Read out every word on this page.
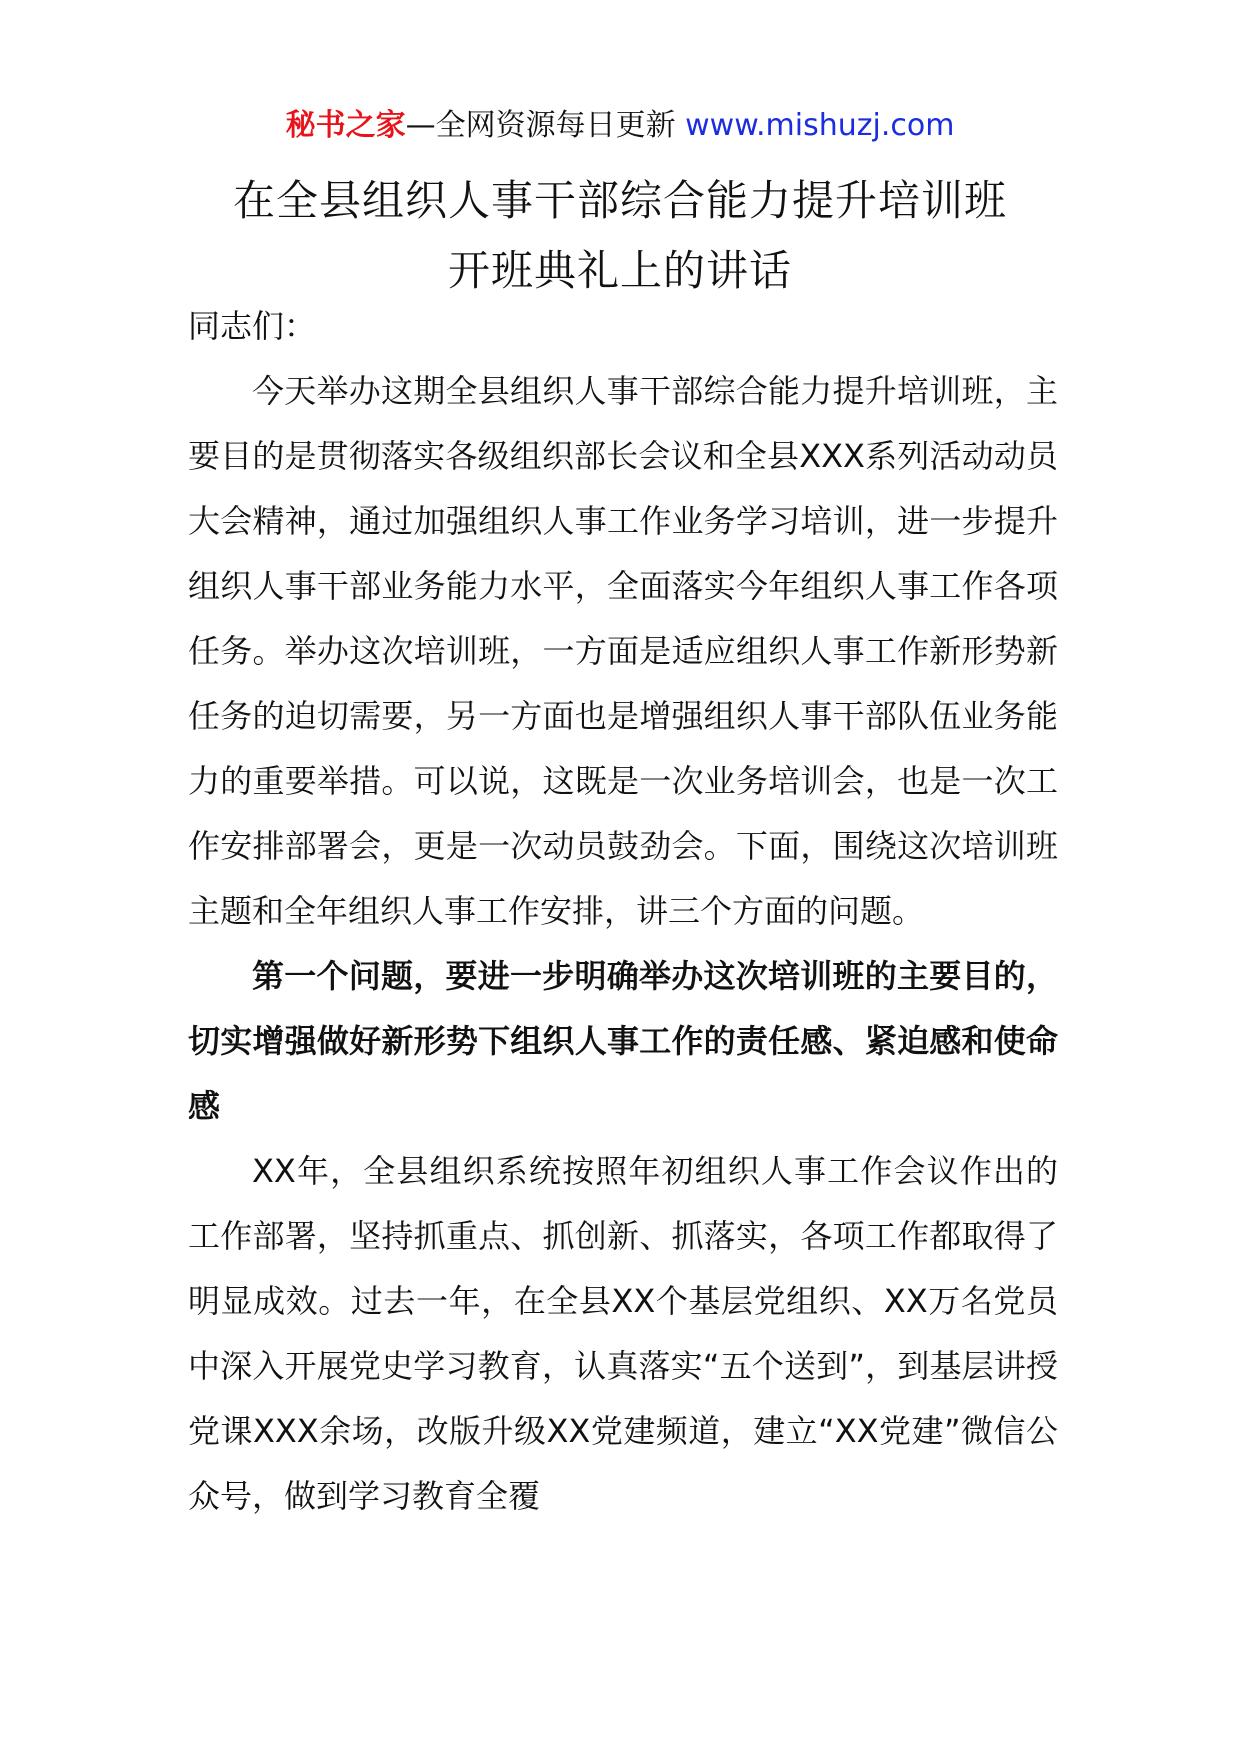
秘书之家—全网资源每日更新 www.mishuzj.com
在全县组织人事干部综合能力提升培训班
开班典礼上的讲话

同志们：

今天举办这期全县组织人事干部综合能力提升培训班，主要目的是贯彻落实各级组织部长会议和全县XXX系列活动动员大会精神，通过加强组织人事工作业务学习培训，进一步提升组织人事干部业务能力水平，全面落实今年组织人事工作各项任务。举办这次培训班，一方面是适应组织人事工作新形势新任务的迫切需要，另一方面也是增强组织人事干部队伍业务能力的重要举措。可以说，这既是一次业务培训会，也是一次工作安排部署会，更是一次动员鼓劲会。下面，围绕这次培训班主题和全年组织人事工作安排，讲三个方面的问题。

第一个问题，要进一步明确举办这次培训班的主要目的，切实增强做好新形势下组织人事工作的责任感、紧迫感和使命感

XX年，全县组织系统按照年初组织人事工作会议作出的工作部署，坚持抓重点、抓创新、抓落实，各项工作都取得了明显成效。过去一年，在全县XX个基层党组织、XX万名党员中深入开展党史学习教育，认真落实“五个送到”，到基层讲授党课XXX余场，改版升级XX党建频道，建立“XX党建”微信公众号，做到学习教育全覆
